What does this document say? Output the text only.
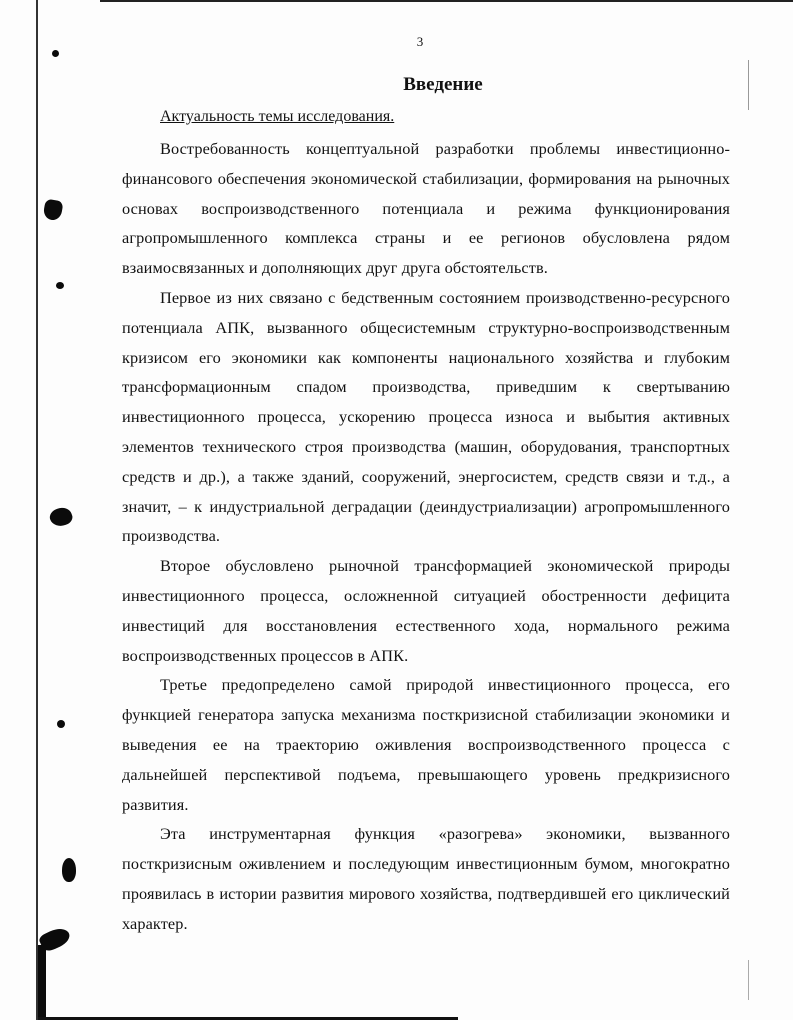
3
Введение
Актуальность темы исследования.

Востребованность концептуальной разработки проблемы инвестиционно-финансового обеспечения экономической стабилизации, формирования на рыночных основах воспроизводственного потенциала и режима функционирования агропромышленного комплекса страны и ее регионов обусловлена рядом взаимосвязанных и дополняющих друг друга обстоятельств.

Первое из них связано с бедственным состоянием производственно-ресурсного потенциала АПК, вызванного общесистемным структурно-воспроизводственным кризисом его экономики как компоненты национального хозяйства и глубоким трансформационным спадом производства, приведшим к свертыванию инвестиционного процесса, ускорению процесса износа и выбытия активных элементов технического строя производства (машин, оборудования, транспортных средств и др.), а также зданий, сооружений, энергосистем, средств связи и т.д., а значит, – к индустриальной деградации (деиндустриализации) агропромышленного производства.

Второе обусловлено рыночной трансформацией экономической природы инвестиционного процесса, осложненной ситуацией обостренности дефицита инвестиций для восстановления естественного хода, нормального режима воспроизводственных процессов в АПК.

Третье предопределено самой природой инвестиционного процесса, его функцией генератора запуска механизма посткризисной стабилизации экономики и выведения ее на траекторию оживления воспроизводственного процесса с дальнейшей перспективой подъема, превышающего уровень предкризисного развития.

Эта инструментарная функция «разогрева» экономики, вызванного посткризисным оживлением и последующим инвестиционным бумом, многократно проявилась в истории развития мирового хозяйства, подтвердившей его циклический характер.
